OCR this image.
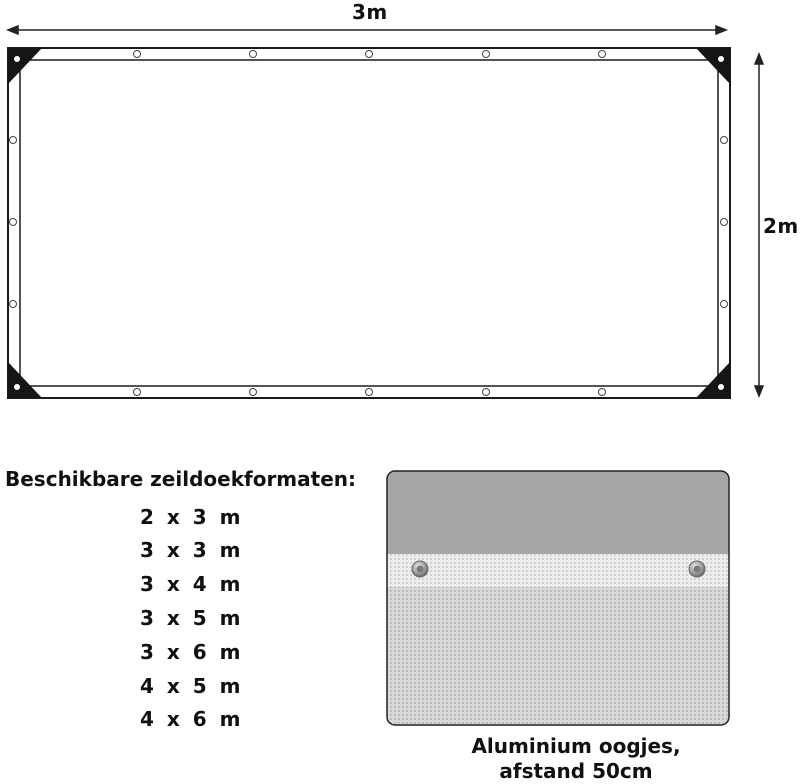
3m
2m
Beschikbare zeildoekformaten:
2 x 3 m
3 x 3 m
3 x 4 m
3 x 5 m
3 x 6 m
4 x 5 m
4 x 6 m
Aluminium oogjes,
afstand 50cm
